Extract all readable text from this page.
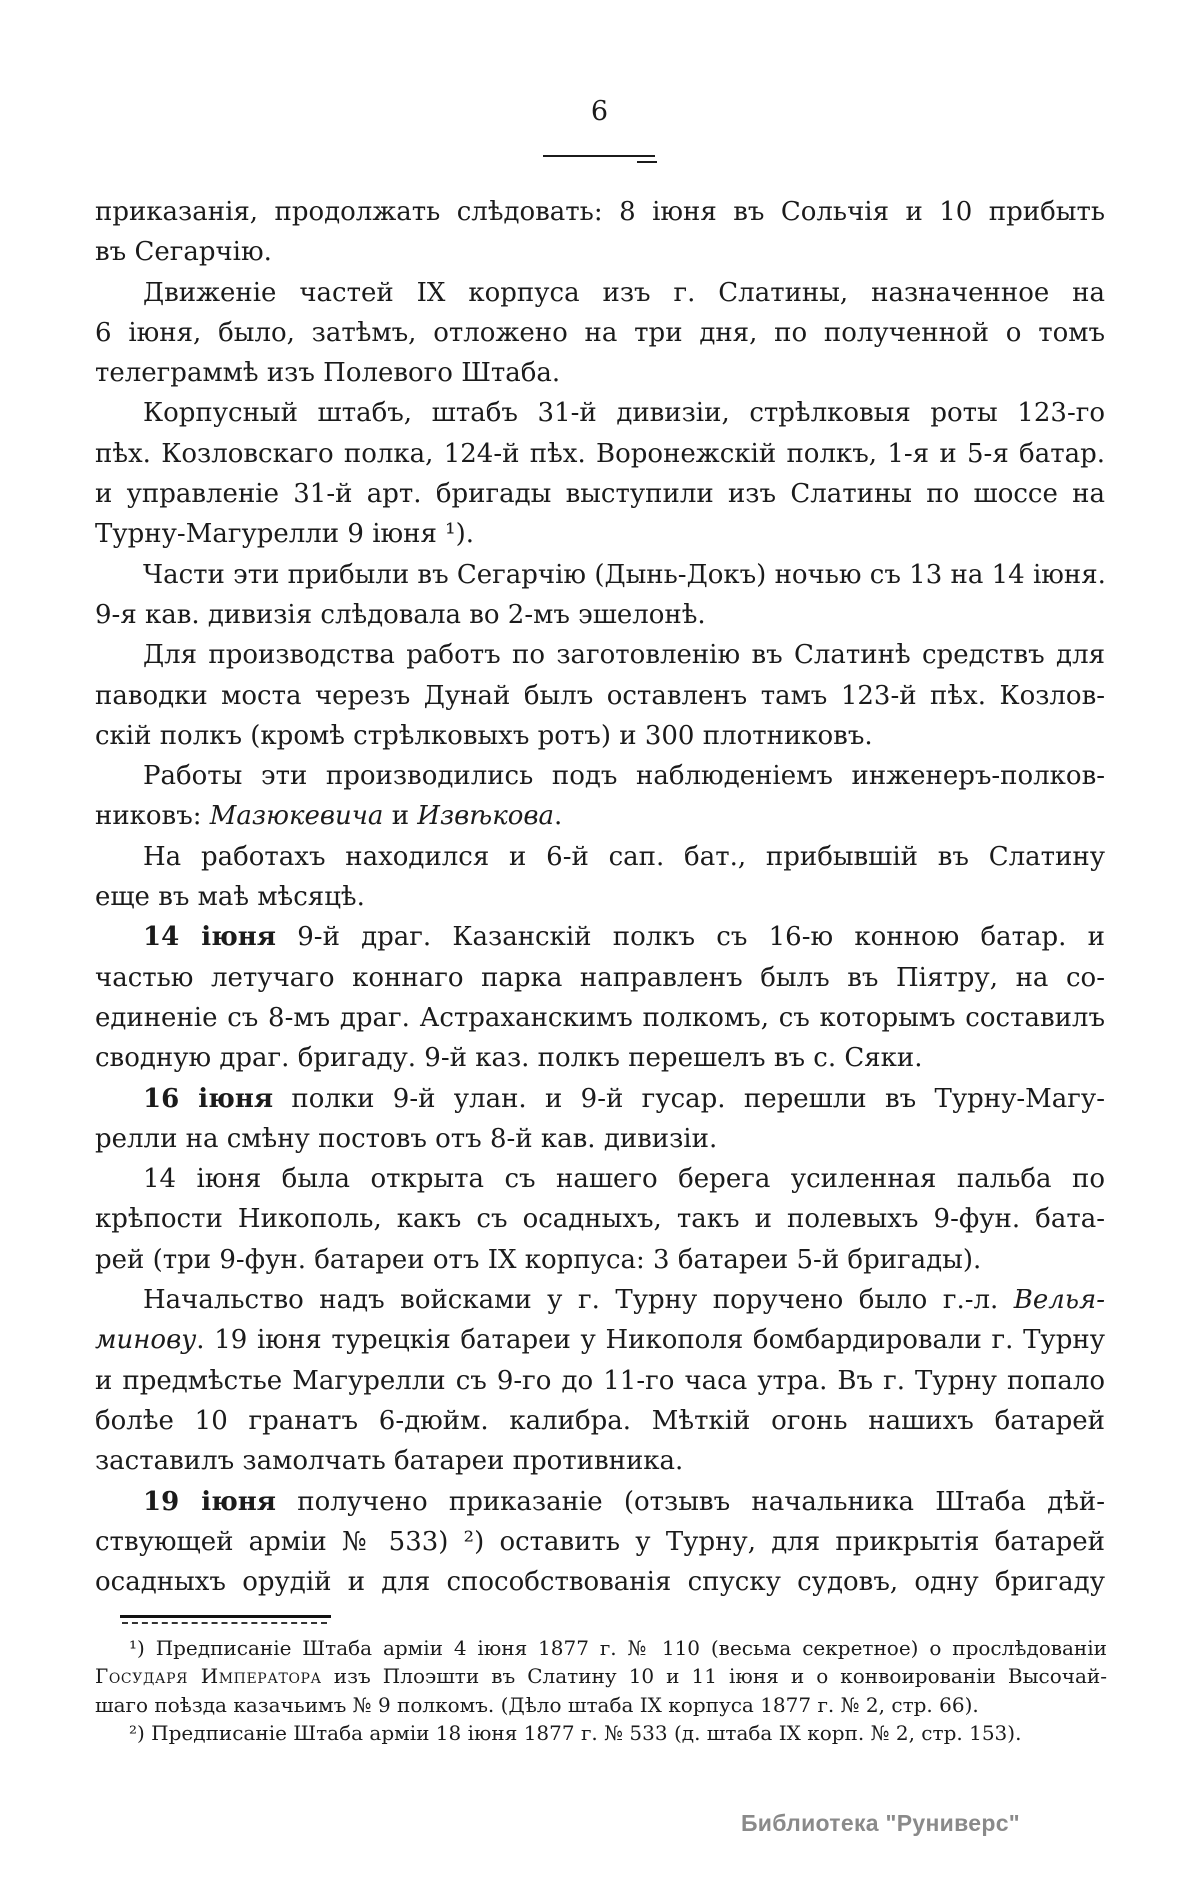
6
приказанія, продолжать слѣдовать: 8 іюня въ Сольчія и 10 прибыть
въ Сегарчію.
Движеніе частей IX корпуса изъ г. Слатины, назначенное на
6 іюня, было, затѣмъ, отложено на три дня, по полученной о томъ
телеграммѣ изъ Полевого Штаба.
Корпусный штабъ, штабъ 31-й дивизіи, стрѣлковыя роты 123-го
пѣх. Козловскаго полка, 124-й пѣх. Воронежскій полкъ, 1-я и 5-я батар.
и управленіе 31-й арт. бригады выступили изъ Слатины по шоссе на
Турну-Магурелли 9 іюня ¹).
Части эти прибыли въ Сегарчію (Дынь-Докъ) ночью съ 13 на 14 іюня.
9-я кав. дивизія слѣдовала во 2-мъ эшелонѣ.
Для производства работъ по заготовленію въ Слатинѣ средствъ для
паводки моста черезъ Дунай былъ оставленъ тамъ 123-й пѣх. Козлов-
скій полкъ (кромѣ стрѣлковыхъ ротъ) и 300 плотниковъ.
Работы эти производились подъ наблюденіемъ инженеръ-полков-
никовъ: Мазюкевича и Извѣкова.
На работахъ находился и 6-й сап. бат., прибывшій въ Слатину
еще въ маѣ мѣсяцѣ.
14 іюня 9-й драг. Казанскій полкъ съ 16-ю конною батар. и
частью летучаго коннаго парка направленъ былъ въ Піятру, на со-
единеніе съ 8-мъ драг. Астраханскимъ полкомъ, съ которымъ составилъ
сводную драг. бригаду. 9-й каз. полкъ перешелъ въ с. Сяки.
16 іюня полки 9-й улан. и 9-й гусар. перешли въ Турну-Магу-
релли на смѣну постовъ отъ 8-й кав. дивизіи.
14 іюня была открыта съ нашего берега усиленная пальба по
крѣпости Никополь, какъ съ осадныхъ, такъ и полевыхъ 9-фун. бата-
рей (три 9-фун. батареи отъ IX корпуса: 3 батареи 5-й бригады).
Начальство надъ войсками у г. Турну поручено было г.-л. Велья-
минову. 19 іюня турецкія батареи у Никополя бомбардировали г. Турну
и предмѣстье Магурелли съ 9-го до 11-го часа утра. Въ г. Турну попало
болѣе 10 гранатъ 6-дюйм. калибра. Мѣткій огонь нашихъ батарей
заставилъ замолчать батареи противника.
19 іюня получено приказаніе (отзывъ начальника Штаба дѣй-
ствующей арміи № 533) ²) оставить у Турну, для прикрытія батарей
осадныхъ орудій и для способствованія спуску судовъ, одну бригаду
¹) Предписаніе Штаба арміи 4 іюня 1877 г. № 110 (весьма секретное) о прослѣдованіи
Государя Императора изъ Плоэшти въ Слатину 10 и 11 іюня и о конвоированіи Высочай-
шаго поѣзда казачьимъ № 9 полкомъ. (Дѣло штаба IX корпуса 1877 г. № 2, стр. 66).
²) Предписаніе Штаба арміи 18 іюня 1877 г. № 533 (д. штаба IX корп. № 2, стр. 153).
Библиотека "Руниверс"
